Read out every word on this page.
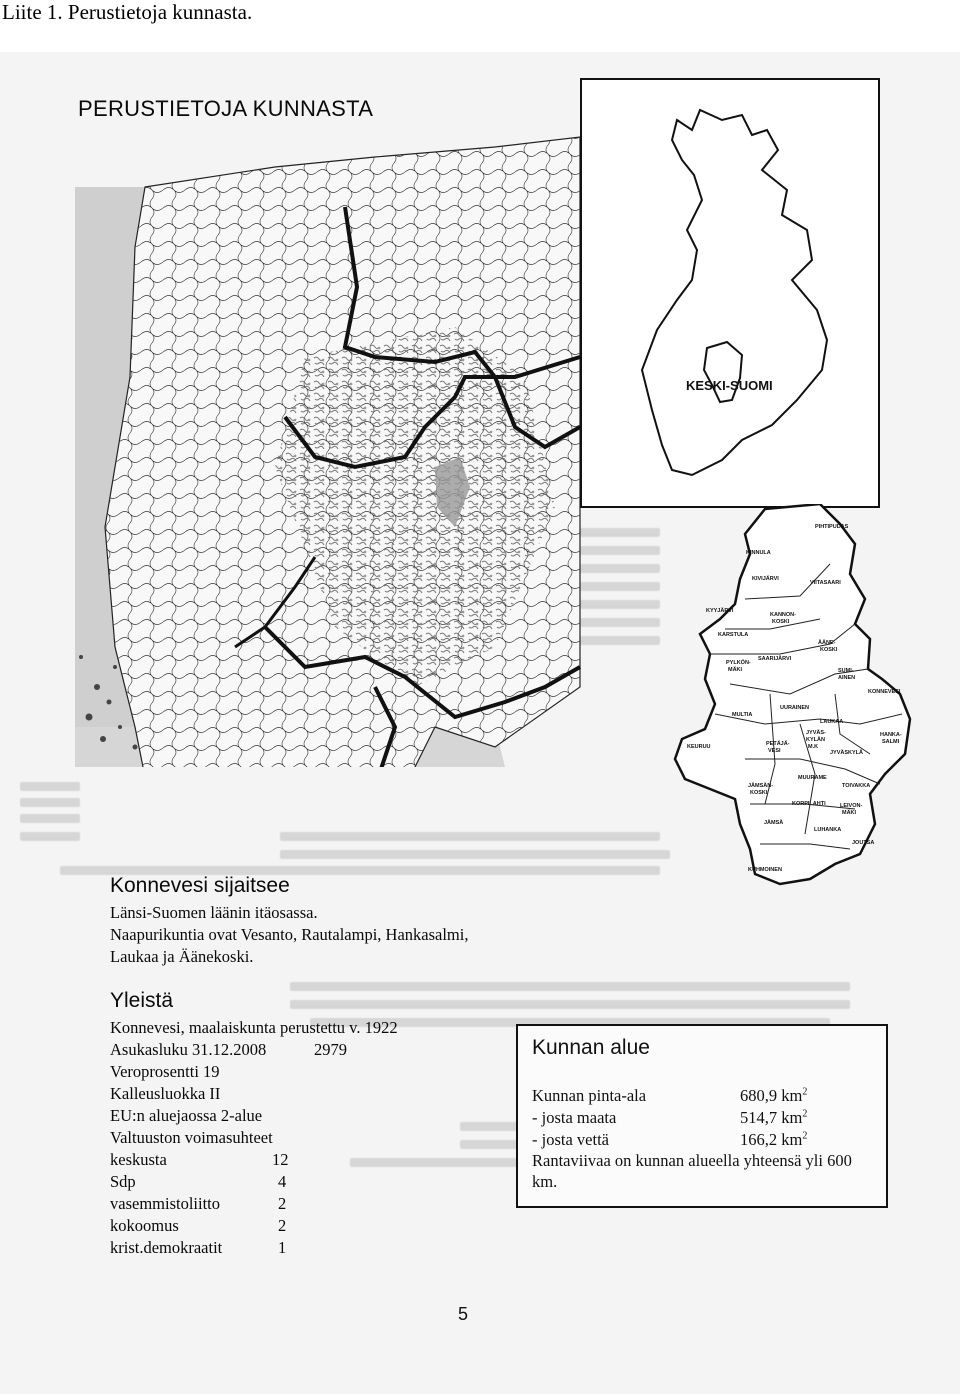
Liite 1. Perustietoja kunnasta.
PERUSTIETOJA KUNNASTA
KESKI-SUOMI
PIHTIPUDAS
KINNULA
KIVIJÄRVI
VIITASAARI
KYYJÄRVI
KANNON-
KOSKI
KARSTULA
ÄÄNE-
KOSKI
PYLKÖN-
MÄKI
SAARIJÄRVI
SUMI-
AINEN
KONNEVESI
UURAINEN
MULTIA
LAUKAA
KEURUU	PETÄJÄ-
VESI
JYVÄS-
KYLÄN
M.K
JYVÄSKYLÄ
HANKA-
SALMI
MUURAME
TOIVAKKA
JÄMSÄN-
KOSKI
KORPILAHTI	LEIVON-
MÄKI
JÄMSÄ
LUHANKA
JOUTSA
KUHMOINEN
Konnevesi sijaitsee
Länsi-Suomen läänin itäosassa.
Naapurikuntia ovat Vesanto, Rautalampi, Hankasalmi,
Laukaa ja Äänekoski.
Yleistä
Konnevesi, maalaiskunta perustettu v. 1922
Asukasluku 31.12.2008	2979
Veroprosentti 19
Kalleusluokka II
EU:n aluejaossa 2-alue
Valtuuston voimasuhteet
keskusta	12
Sdp	4
vasemmistoliitto	2
kokoomus	2
krist.demokraatit	1
Kunnan alue
Kunnan pinta-ala	680,9 $km^2$
- josta maata	514,7 $km^2$
- josta vettä	166,2 $km^2$
Rantaviivaa on kunnan alueella yhteensä yli 600 km.
5
